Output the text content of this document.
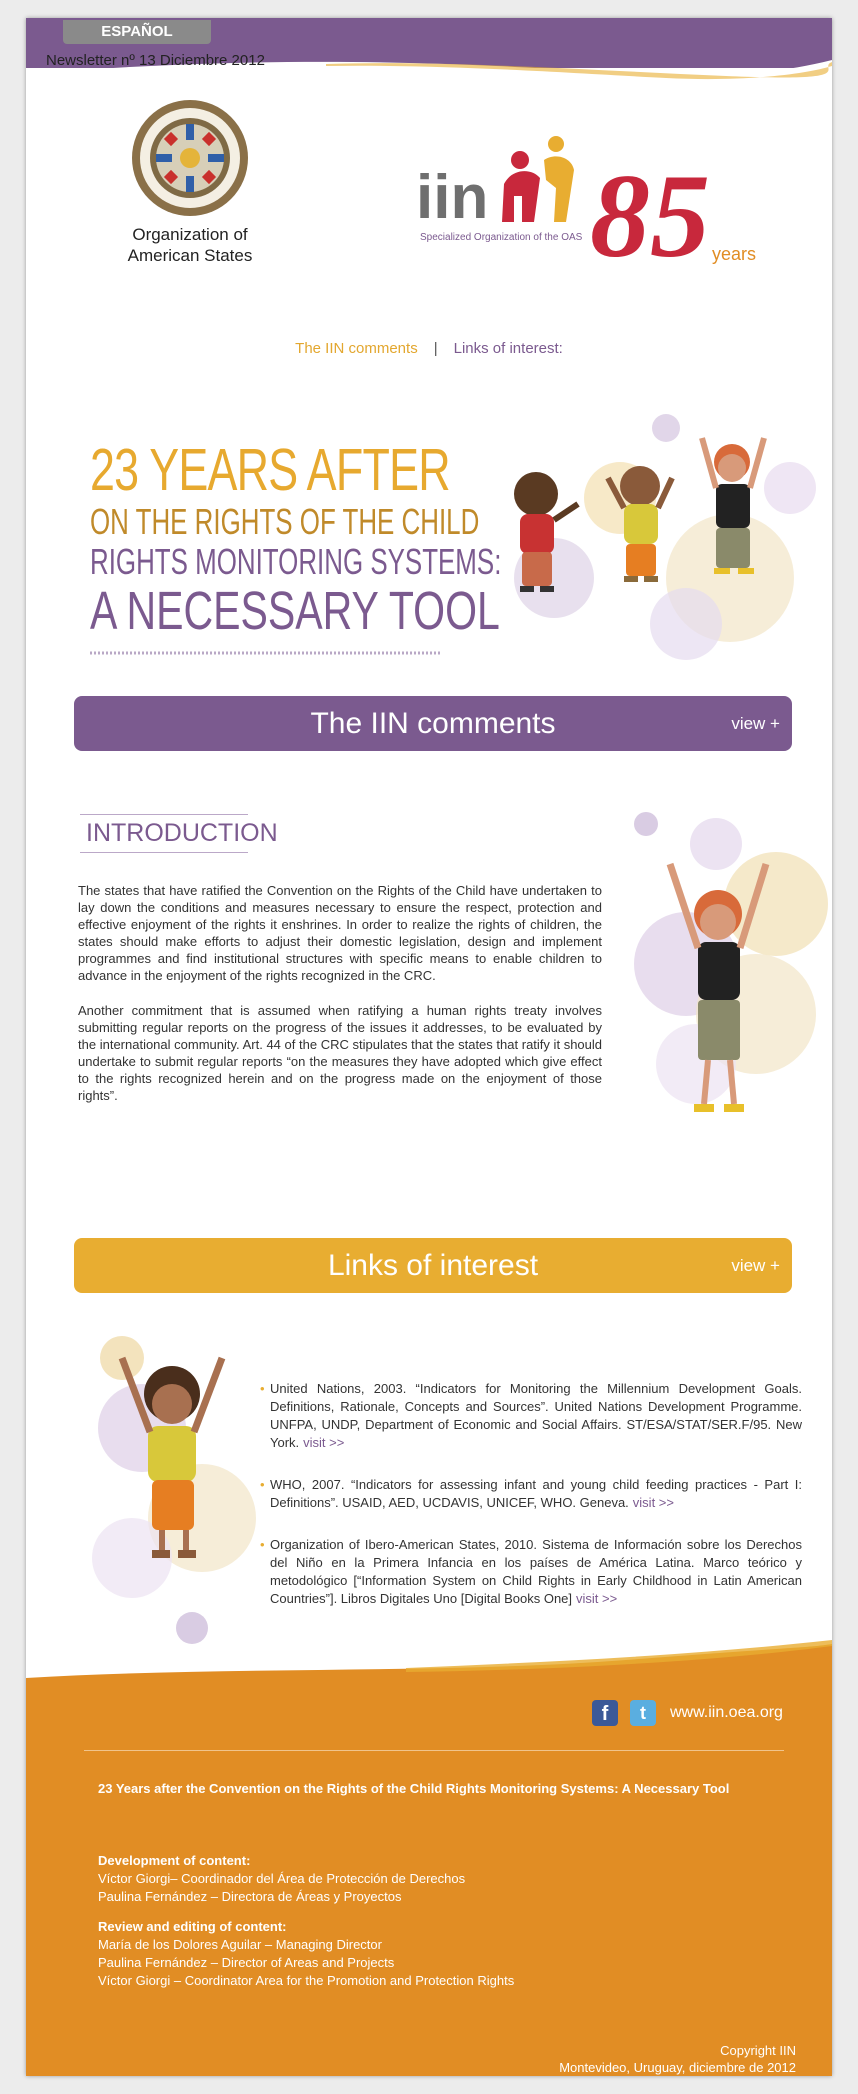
ESPAÑOL
Newsletter nº 13 Diciembre 2012
Organization of
American States
iin
Specialized Organization of the OAS 85 years
The IIN comments | Links of interest:
23 YEARS AFTER
ON THE RIGHTS OF THE CHILD
RIGHTS MONITORING SYSTEMS:
A NECESSARY TOOL
The IIN comments	view +
INTRODUCTION

The states that have ratified the Convention on the Rights of the Child have undertaken to lay down the conditions and measures necessary to ensure the respect, protection and effective enjoyment of the rights it enshrines. In order to realize the rights of children, the states should make efforts to adjust their domestic legislation, design and implement programmes and find institutional structures with specific means to enable children to advance in the enjoyment of the rights recognized in the CRC.

Another commitment that is assumed when ratifying a human rights treaty involves submitting regular reports on the progress of the issues it addresses, to be evaluated by the international community. Art. 44 of the CRC stipulates that the states that ratify it should undertake to submit regular reports “on the measures they have adopted which give effect to the rights recognized herein and on the progress made on the enjoyment of those rights”.

Links of interest	view +
• United Nations, 2003. “Indicators for Monitoring the Millennium Development Goals. Definitions, Rationale, Concepts and Sources”. United Nations Development Programme. UNFPA, UNDP, Department of Economic and Social Affairs. ST/ESA/STAT/SER.F/95. New York. visit >>
• WHO, 2007. “Indicators for assessing infant and young child feeding practices - Part I: Definitions”. USAID, AED, UCDAVIS, UNICEF, WHO. Geneva. visit >>
• Organization of Ibero-American States, 2010. Sistema de Información sobre los Derechos del Niño en la Primera Infancia en los países de América Latina. Marco teórico y metodológico [“Information System on Child Rights in Early Childhood in Latin American Countries”]. Libros Digitales Uno [Digital Books One] visit >>
f	t	www.iin.oea.org
23 Years after the Convention on the Rights of the Child Rights Monitoring Systems: A Necessary Tool
Development of content:
Víctor Giorgi– Coordinador del Área de Protección de Derechos
Paulina Fernández – Directora de Áreas y Proyectos
Review and editing of content:
María de los Dolores Aguilar – Managing Director
Paulina Fernández – Director of Areas and Projects
Víctor Giorgi – Coordinator Area for the Promotion and Protection Rights
Copyright IIN
Montevideo, Uruguay, diciembre de 2012
